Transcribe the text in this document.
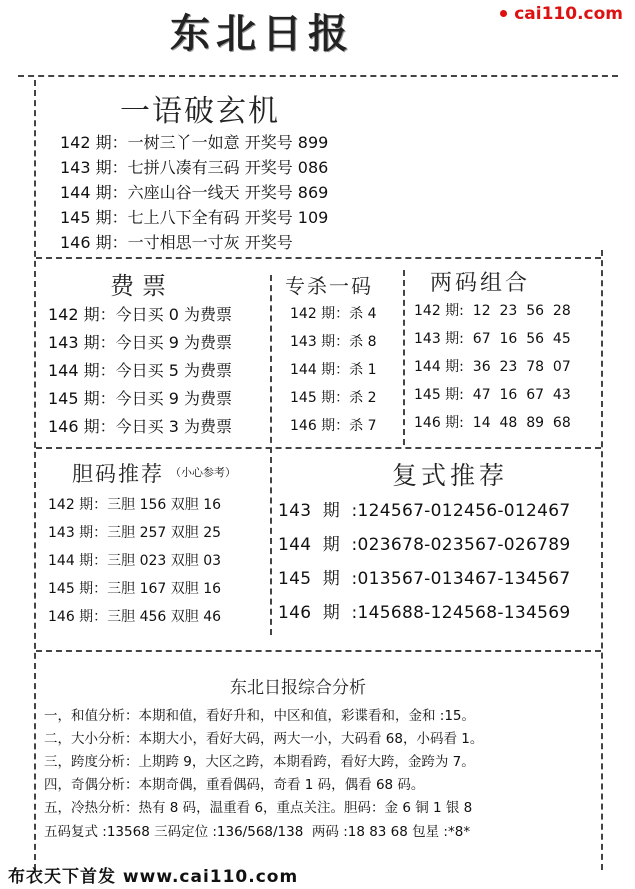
东北日报	cai110.com
一语破玄机
142 期：一树三丫一如意 开奖号 899
143 期：七拼八凑有三码 开奖号 086
144 期：六座山谷一线天 开奖号 869
145 期：七上八下全有码 开奖号 109
146 期：一寸相思一寸灰 开奖号
费票
142 期：今日买 0 为费票
143 期：今日买 9 为费票
144 期：今日买 5 为费票
145 期：今日买 9 为费票
146 期：今日买 3 为费票
专杀一码
142 期：杀 4
143 期：杀 8
144 期：杀 1
145 期：杀 2
146 期：杀 7
两码组合
142 期:  12  23  56  28
143 期:  67  16  56  45
144 期:  36  23  78  07
145 期:  47  16  67  43
146 期:  14  48  89  68
胆码推荐 （小心参考）
142 期：三胆 156 双胆 16
143 期：三胆 257 双胆 25
144 期：三胆 023 双胆 03
145 期：三胆 167 双胆 16
146 期：三胆 456 双胆 46
复式推荐
143  期  :124567-012456-012467
144  期  :023678-023567-026789
145  期  :013567-013467-134567
146  期  :145688-124568-134569
东北日报综合分析
一，和值分析：本期和值，看好升和，中区和值，彩谍看和，金和 :15。
二，大小分析：本期大小，看好大码，两大一小，大码看 68，小码看 1。
三，跨度分析：上期跨 9，大区之跨，本期看跨，看好大跨，金跨为 7。
四，奇偶分析：本期奇偶，重看偶码，奇看 1 码，偶看 68 码。
五，冷热分析：热有 8 码，温重看 6，重点关注。胆码：金 6 铜 1 银 8
五码复式 :13568 三码定位 :136/568/138  两码 :18 83 68 包星 :*8*
布衣天下首发 www.cai110.com
